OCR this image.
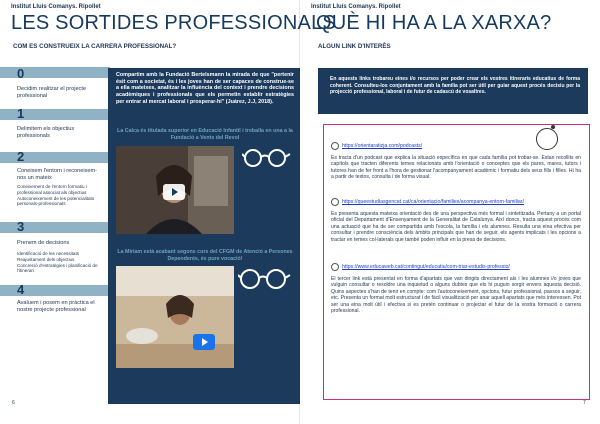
Institut Lluís Comanys. Ripollet
LES SORTIDES PROFESSIONALS
COM ES CONSTRUEIX LA CARRERA PROFESSIONAL?
0
Decidim realitzar el projecte professional
1
Delimitem els objectius professionals
2
Coneixem l'entorn i reconeixem-nos un mateix
Coneixement de l'entorn formatiu i professional associat als objectius
Autoconeixement de les potencialitats personals-professionals
3
Prenem de decisions
Identificació de les necessitats
Reajustament dels objectius
Concreció d'estratègies i planificació de l'itinerari
4
Avaluem i posem en pràctica el nostre projecte professional
Compartim amb la Fundació Bertelsmann la mirada de que "pertenir ésit com a societat, és i les joves han de ser capaces de construe-se a ella mateixes, analitzar la influència del context i prendre decisions acadèmiques i professionals que els permetin establir estratègies per entrar al mercat laboral i prosperar-hi" (Juárez, J.J, 2018).
La Calca és titulada superior en Educació Infantil i treballa en una a la Fundació a Vents del Revol
La Miriam està acabant segons curs del CFGM de Atenció a Persones Dependents, és pure vocació!
6
Institut Lluís Comanys. Ripollet
QUÈ HI HA A LA XARXA?
ALGUN LINK D'INTERÈS
En aquests links trobareu eines i/o recursos per poder crear els vostres itineraris educatius de forma coherent. Consulteu-los conjuntament amb la família pot ser útil per guiar aquest procés decisiu per la projecció professional, laboral i de futur de cadascú de vosaltres.
https://orientaratizja.com/podcasts/
Es tracta d'un podcast que explica la situació específica en que cada família pot trobar-se. Estan recollits en capítols que tracten diferents temes relacionats amb l'orientació o conceptes que els pares, mares, tutors i tutores han de fer front a l'hora de gestionar l'acompanyament acadèmic i formatiu dels seus fills i filles. Hi ha a partir de textos, consulta i de forma visual.
https://queestudiasgencat.cat/ca/orientacio/families/acompanya-entorn-familiar/
Es presenta aquesta mateixa orientació des de una perspectiva més formal i sintetitzada. Pertany a un portal oficial del Departament d'Ensenyament de la Generalitat de Catalunya. Així doncs, tracta aquest procés com una actuació que ha de ser compartida amb l'escola, la família i els alumnes. Resulta una eina efectiva per consultar i prendre consciència dels àmbits principals que han de seguir, els agents implicats i les opcions a tractar en temes col·laterals que també poden influir en la presa de decisions.
https://www.educaweb.cat/contingut/educatiu/com-triar-estudis-professio/
El tercer link està presentat en forma d'apartats que van dirigits directament als i les alumnes i/o joves que vulguin consultar o resoldre una inquietud o alguns dubtes que els hi puguin sorgir envers aquesta decisió. Quins aspectes s'han de tenir en compte: com l'autoconeixement, opcions, futur professional, passos a seguir, etc. Presenta un format molt estructurat i de fàcil visualització per anar aquell apartats que més interessen. Pot ser una eina molt útil i efectiva si es pretén continuar o projectar el futur de la vostra formació o carrera professional.
7
